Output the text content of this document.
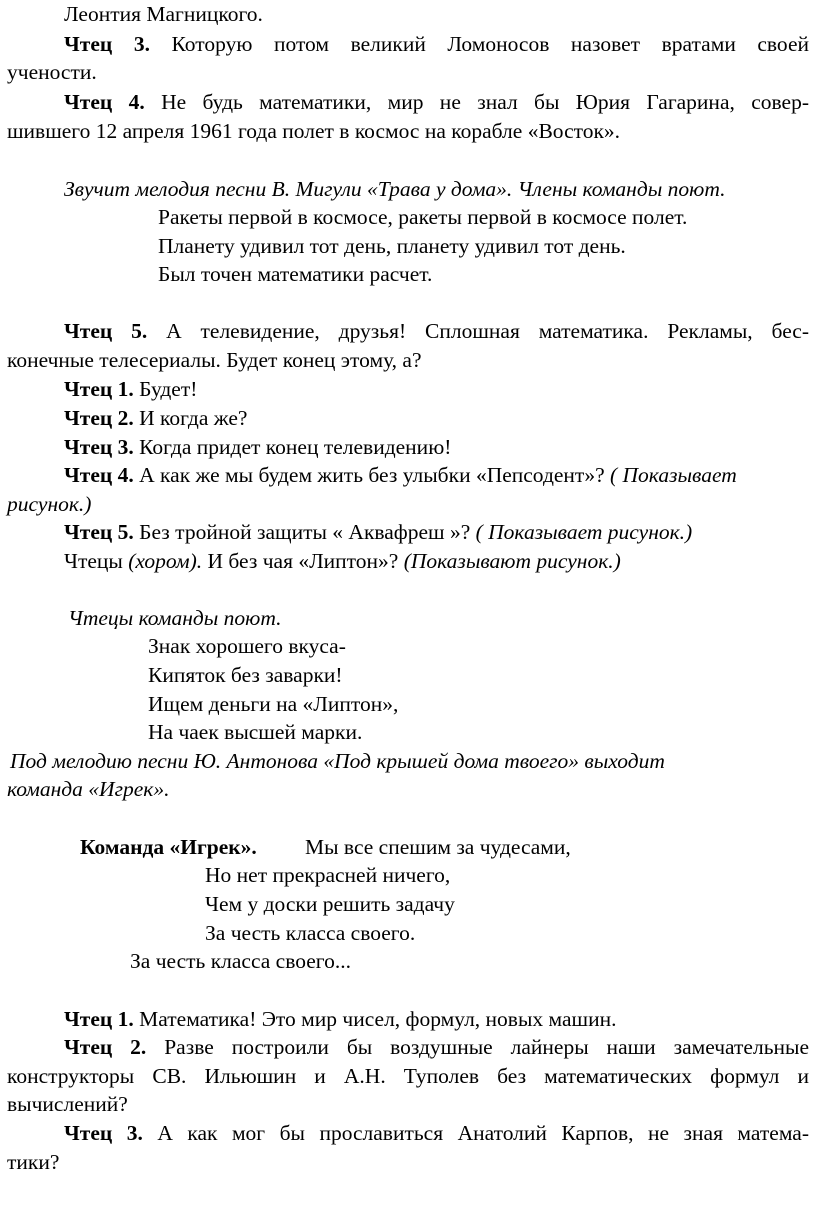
Леонтия Магницкого.
Чтец 3. Которую потом великий Ломоносов назовет вратами своей
учености.
Чтец 4. Не будь математики, мир не знал бы Юрия Гагарина, совер-
шившего 12 апреля 1961 года полет в космос на корабле «Восток».
Звучит мелодия песни В. Мигули «Трава у дома». Члены команды поют.
Ракеты первой в космосе, ракеты первой в космосе полет.
Планету удивил тот день, планету удивил тот день.
Был точен математики расчет.
Чтец 5. А телевидение, друзья! Сплошная математика. Рекламы, бес-
конечные телесериалы. Будет конец этому, а?
Чтец 1. Будет!
Чтец 2. И когда же?
Чтец 3. Когда придет конец телевидению!
Чтец 4. А как же мы будем жить без улыбки «Пепсодент»? ( Показывает
рисунок.)
Чтец 5. Без тройной защиты « Аквафреш »? ( Показывает рисунок.)
Чтецы (хором). И без чая «Липтон»? (Показывают рисунок.)
Чтецы команды поют.
Знак хорошего вкуса-
Кипяток без заварки!
Ищем деньги на «Липтон»,
На чаек высшей марки.
Под мелодию песни Ю. Антонова «Под крышей дома твоего» выходит
команда «Игрек».
Команда «Игрек». Мы все спешим за чудесами,
Но нет прекрасней ничего,
Чем у доски решить задачу
За честь класса своего.
За честь класса своего...
Чтец 1. Математика! Это мир чисел, формул, новых машин.
Чтец 2. Разве построили бы воздушные лайнеры наши замечательные
конструкторы СВ. Ильюшин и А.Н. Туполев без математических формул и
вычислений?
Чтец 3. А как мог бы прославиться Анатолий Карпов, не зная матема-
тики?
